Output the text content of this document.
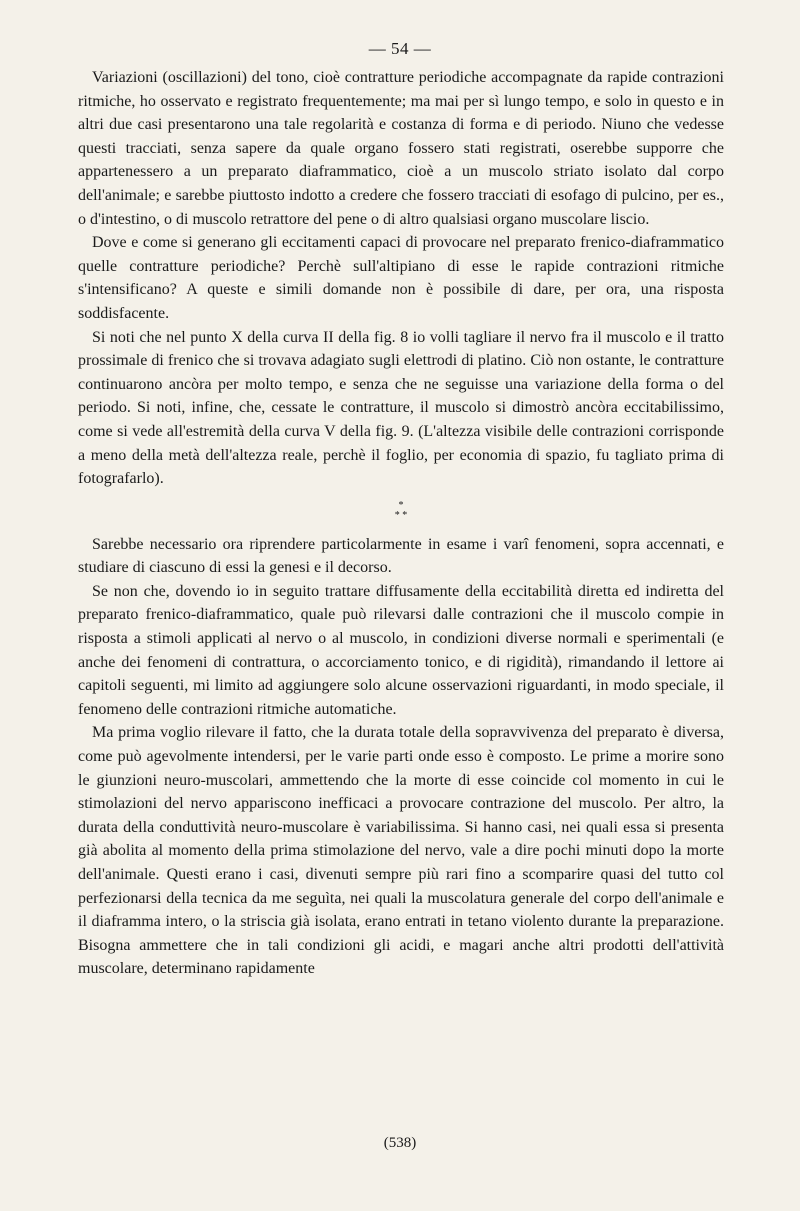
— 54 —

Variazioni (oscillazioni) del tono, cioè contratture periodiche accompagnate da rapide contrazioni ritmiche, ho osservato e registrato frequentemente; ma mai per sì lungo tempo, e solo in questo e in altri due casi presentarono una tale regolarità e costanza di forma e di periodo. Niuno che vedesse questi tracciati, senza sapere da quale organo fossero stati registrati, oserebbe supporre che appartenessero a un preparato diaframmatico, cioè a un muscolo striato isolato dal corpo dell'animale; e sarebbe piuttosto indotto a credere che fossero tracciati di esofago di pulcino, per es., o d'intestino, o di muscolo retrattore del pene o di altro qualsiasi organo muscolare liscio.

Dove e come si generano gli eccitamenti capaci di provocare nel preparato frenico-diaframmatico quelle contratture periodiche? Perchè sull'altipiano di esse le rapide contrazioni ritmiche s'intensificano? A queste e simili domande non è possibile di dare, per ora, una risposta soddisfacente.

Si noti che nel punto X della curva II della fig. 8 io volli tagliare il nervo fra il muscolo e il tratto prossimale di frenico che si trovava adagiato sugli elettrodi di platino. Ciò non ostante, le contratture continuarono ancòra per molto tempo, e senza che ne seguisse una variazione della forma o del periodo. Si noti, infine, che, cessate le contratture, il muscolo si dimostrò ancòra eccitabilissimo, come si vede all'estremità della curva V della fig. 9. (L'altezza visibile delle contrazioni corrisponde a meno della metà dell'altezza reale, perchè il foglio, per economia di spazio, fu tagliato prima di fotografarlo).

*
* *

Sarebbe necessario ora riprendere particolarmente in esame i varî fenomeni, sopra accennati, e studiare di ciascuno di essi la genesi e il decorso.

Se non che, dovendo io in seguito trattare diffusamente della eccitabilità diretta ed indiretta del preparato frenico-diaframmatico, quale può rilevarsi dalle contrazioni che il muscolo compie in risposta a stimoli applicati al nervo o al muscolo, in condizioni diverse normali e sperimentali (e anche dei fenomeni di contrattura, o accorciamento tonico, e di rigidità), rimandando il lettore ai capitoli seguenti, mi limito ad aggiungere solo alcune osservazioni riguardanti, in modo speciale, il fenomeno delle contrazioni ritmiche automatiche.

Ma prima voglio rilevare il fatto, che la durata totale della sopravvivenza del preparato è diversa, come può agevolmente intendersi, per le varie parti onde esso è composto. Le prime a morire sono le giunzioni neuro-muscolari, ammettendo che la morte di esse coincide col momento in cui le stimolazioni del nervo appariscono inefficaci a provocare contrazione del muscolo. Per altro, la durata della conduttività neuro-muscolare è variabilissima. Si hanno casi, nei quali essa si presenta già abolita al momento della prima stimolazione del nervo, vale a dire pochi minuti dopo la morte dell'animale. Questi erano i casi, divenuti sempre più rari fino a scomparire quasi del tutto col perfezionarsi della tecnica da me seguìta, nei quali la muscolatura generale del corpo dell'animale e il diaframma intero, o la striscia già isolata, erano entrati in tetano violento durante la preparazione. Bisogna ammettere che in tali condizioni gli acidi, e magari anche altri prodotti dell'attività muscolare, determinano rapidamente

(538)
